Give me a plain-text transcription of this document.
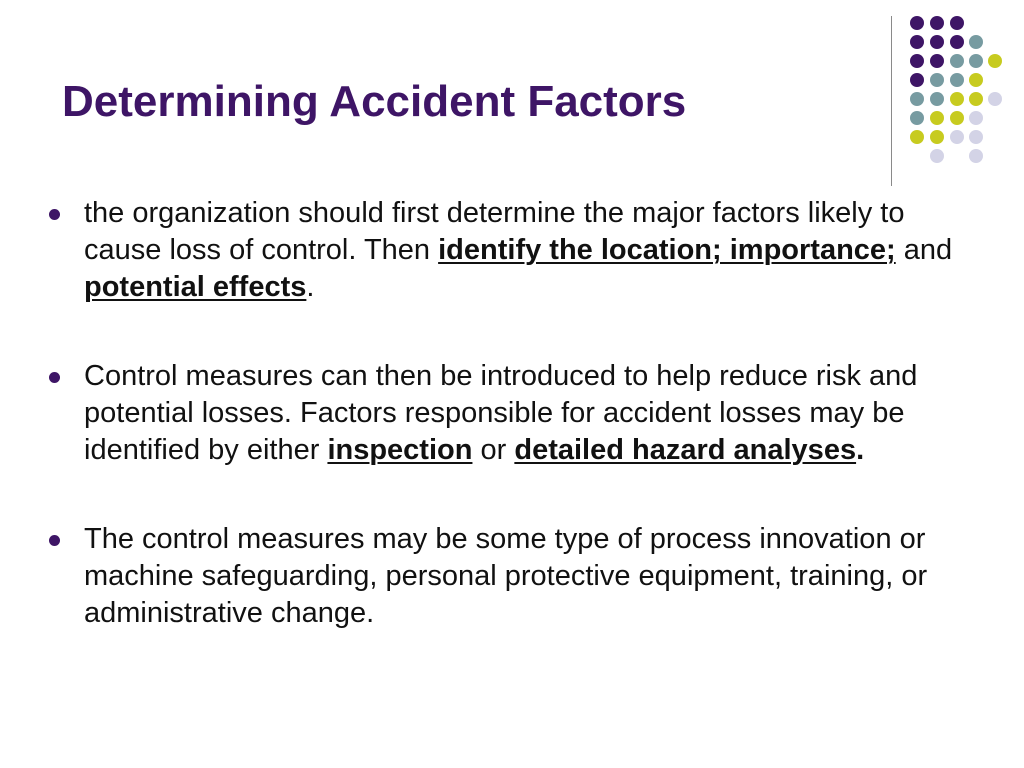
Determining Accident Factors
the organization should first determine the major factors likely to cause loss of control. Then identify the location; importance; and potential effects.
Control measures can then be introduced to help reduce risk and potential losses. Factors responsible for accident losses may be identified by either inspection or detailed hazard analyses.
The control measures may be some type of process innovation or machine safeguarding, personal protective equipment, training, or administrative change.
